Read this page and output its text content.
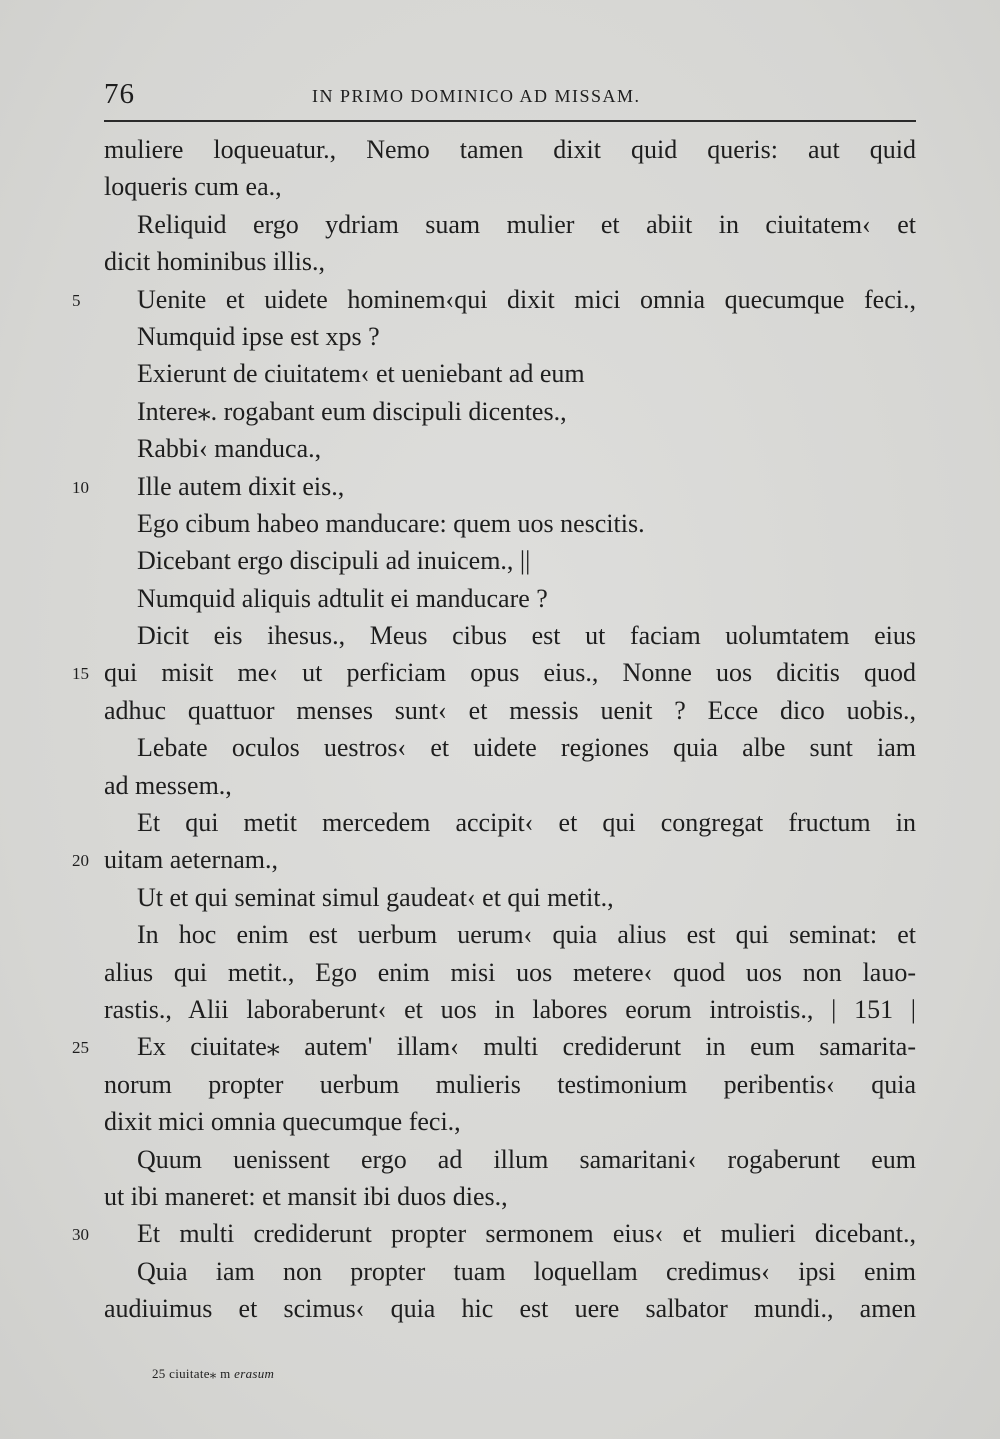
76	IN PRIMO DOMINICO AD MISSAM.
muliere loqueuatur., Nemo tamen dixit quid queris: aut quid
loqueris cum ea.,
Reliquid ergo ydriam suam mulier et abiit in ciuitatem‹ et
dicit hominibus illis.,
5	Uenite et uidete hominem‹qui dixit mici omnia quecumque feci.,
Numquid ipse est xps ?
Exierunt de ciuitatem‹ et ueniebant ad eum
Intere⁎. rogabant eum discipuli dicentes.,
Rabbi‹ manduca.,
10	Ille autem dixit eis.,
Ego cibum habeo manducare: quem uos nescitis.
Dicebant ergo discipuli ad inuicem., ||
Numquid aliquis adtulit ei manducare ?
Dicit eis ihesus., Meus cibus est ut faciam uolumtatem eius
15 qui misit me‹ ut perficiam opus eius., Nonne uos dicitis quod
adhuc quattuor menses sunt‹ et messis uenit ? Ecce dico uobis.,
Lebate oculos uestros‹ et uidete regiones quia albe sunt iam
ad messem.,
Et qui metit mercedem accipit‹ et qui congregat fructum in
20 uitam aeternam.,
Ut et qui seminat simul gaudeat‹ et qui metit.,
In hoc enim est uerbum uerum‹ quia alius est qui seminat: et
alius qui metit., Ego enim misi uos metere‹ quod uos non lauo-
rastis., Alii laboraberunt‹ et uos in labores eorum introistis., | 151 |
25	Ex ciuitate⁎ autem' illam‹ multi crediderunt in eum samarita-
norum propter uerbum mulieris testimonium peribentis‹ quia
dixit mici omnia quecumque feci.,
Quum uenissent ergo ad illum samaritani‹ rogaberunt eum
ut ibi maneret: et mansit ibi duos dies.,
30	Et multi crediderunt propter sermonem eius‹ et mulieri dicebant.,
Quia iam non propter tuam loquellam credimus‹ ipsi enim
audiuimus et scimus‹ quia hic est uere salbator mundi., amen
25 ciuitate⁎ m erasum
